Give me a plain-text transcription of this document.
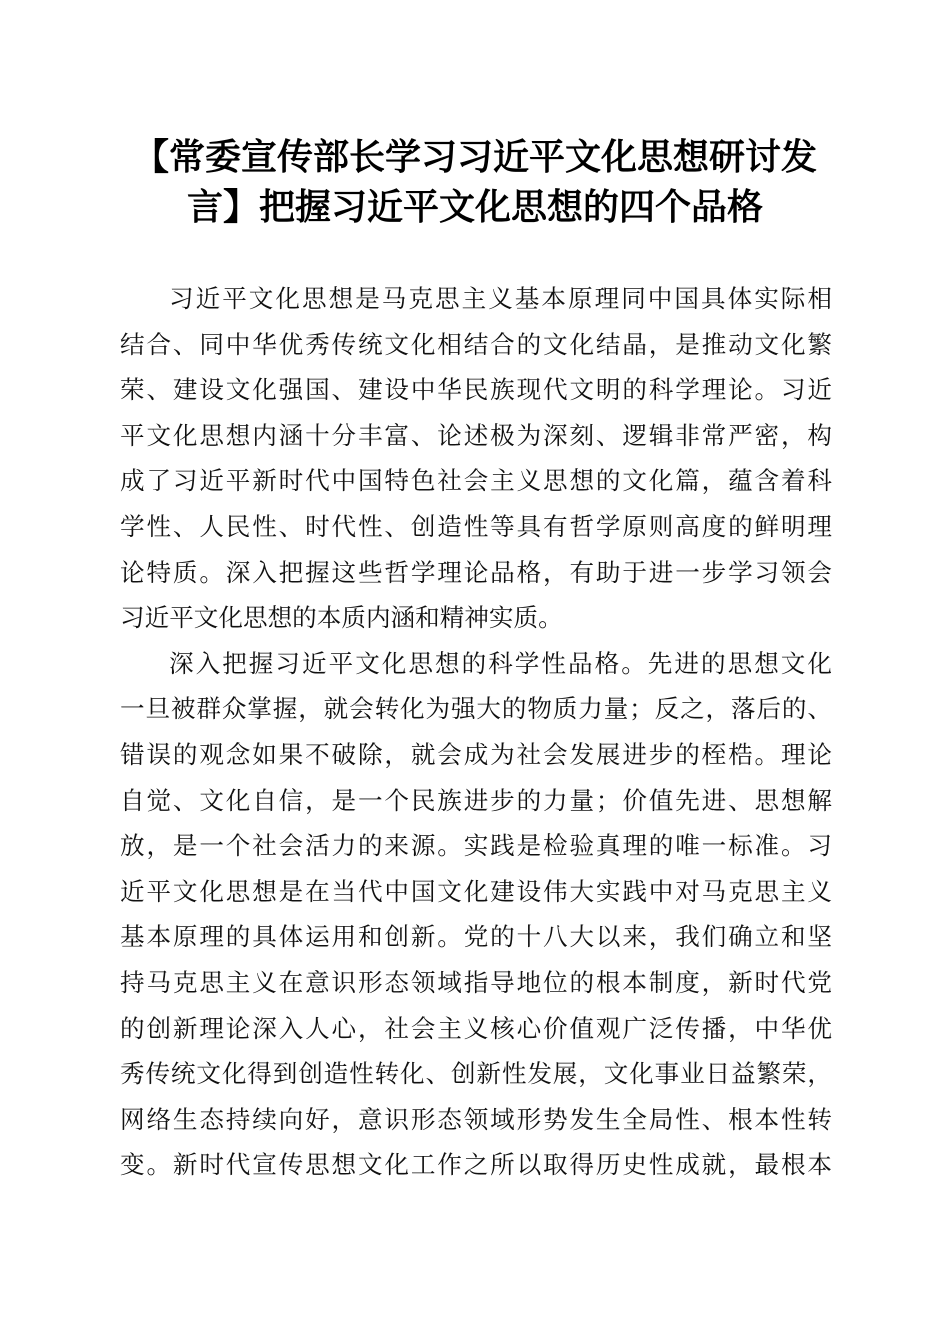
【常委宣传部长学习习近平文化思想研讨发
言】把握习近平文化思想的四个品格
习近平文化思想是马克思主义基本原理同中国具体实际相
结合、同中华优秀传统文化相结合的文化结晶，是推动文化繁
荣、建设文化强国、建设中华民族现代文明的科学理论。习近
平文化思想内涵十分丰富、论述极为深刻、逻辑非常严密，构
成了习近平新时代中国特色社会主义思想的文化篇，蕴含着科
学性、人民性、时代性、创造性等具有哲学原则高度的鲜明理
论特质。深入把握这些哲学理论品格，有助于进一步学习领会
习近平文化思想的本质内涵和精神实质。
深入把握习近平文化思想的科学性品格。先进的思想文化
一旦被群众掌握，就会转化为强大的物质力量；反之，落后的、
错误的观念如果不破除，就会成为社会发展进步的桎梏。理论
自觉、文化自信，是一个民族进步的力量；价值先进、思想解
放，是一个社会活力的来源。实践是检验真理的唯一标准。习
近平文化思想是在当代中国文化建设伟大实践中对马克思主义
基本原理的具体运用和创新。党的十八大以来，我们确立和坚
持马克思主义在意识形态领域指导地位的根本制度，新时代党
的创新理论深入人心，社会主义核心价值观广泛传播，中华优
秀传统文化得到创造性转化、创新性发展，文化事业日益繁荣，
网络生态持续向好，意识形态领域形势发生全局性、根本性转
变。新时代宣传思想文化工作之所以取得历史性成就，最根本
